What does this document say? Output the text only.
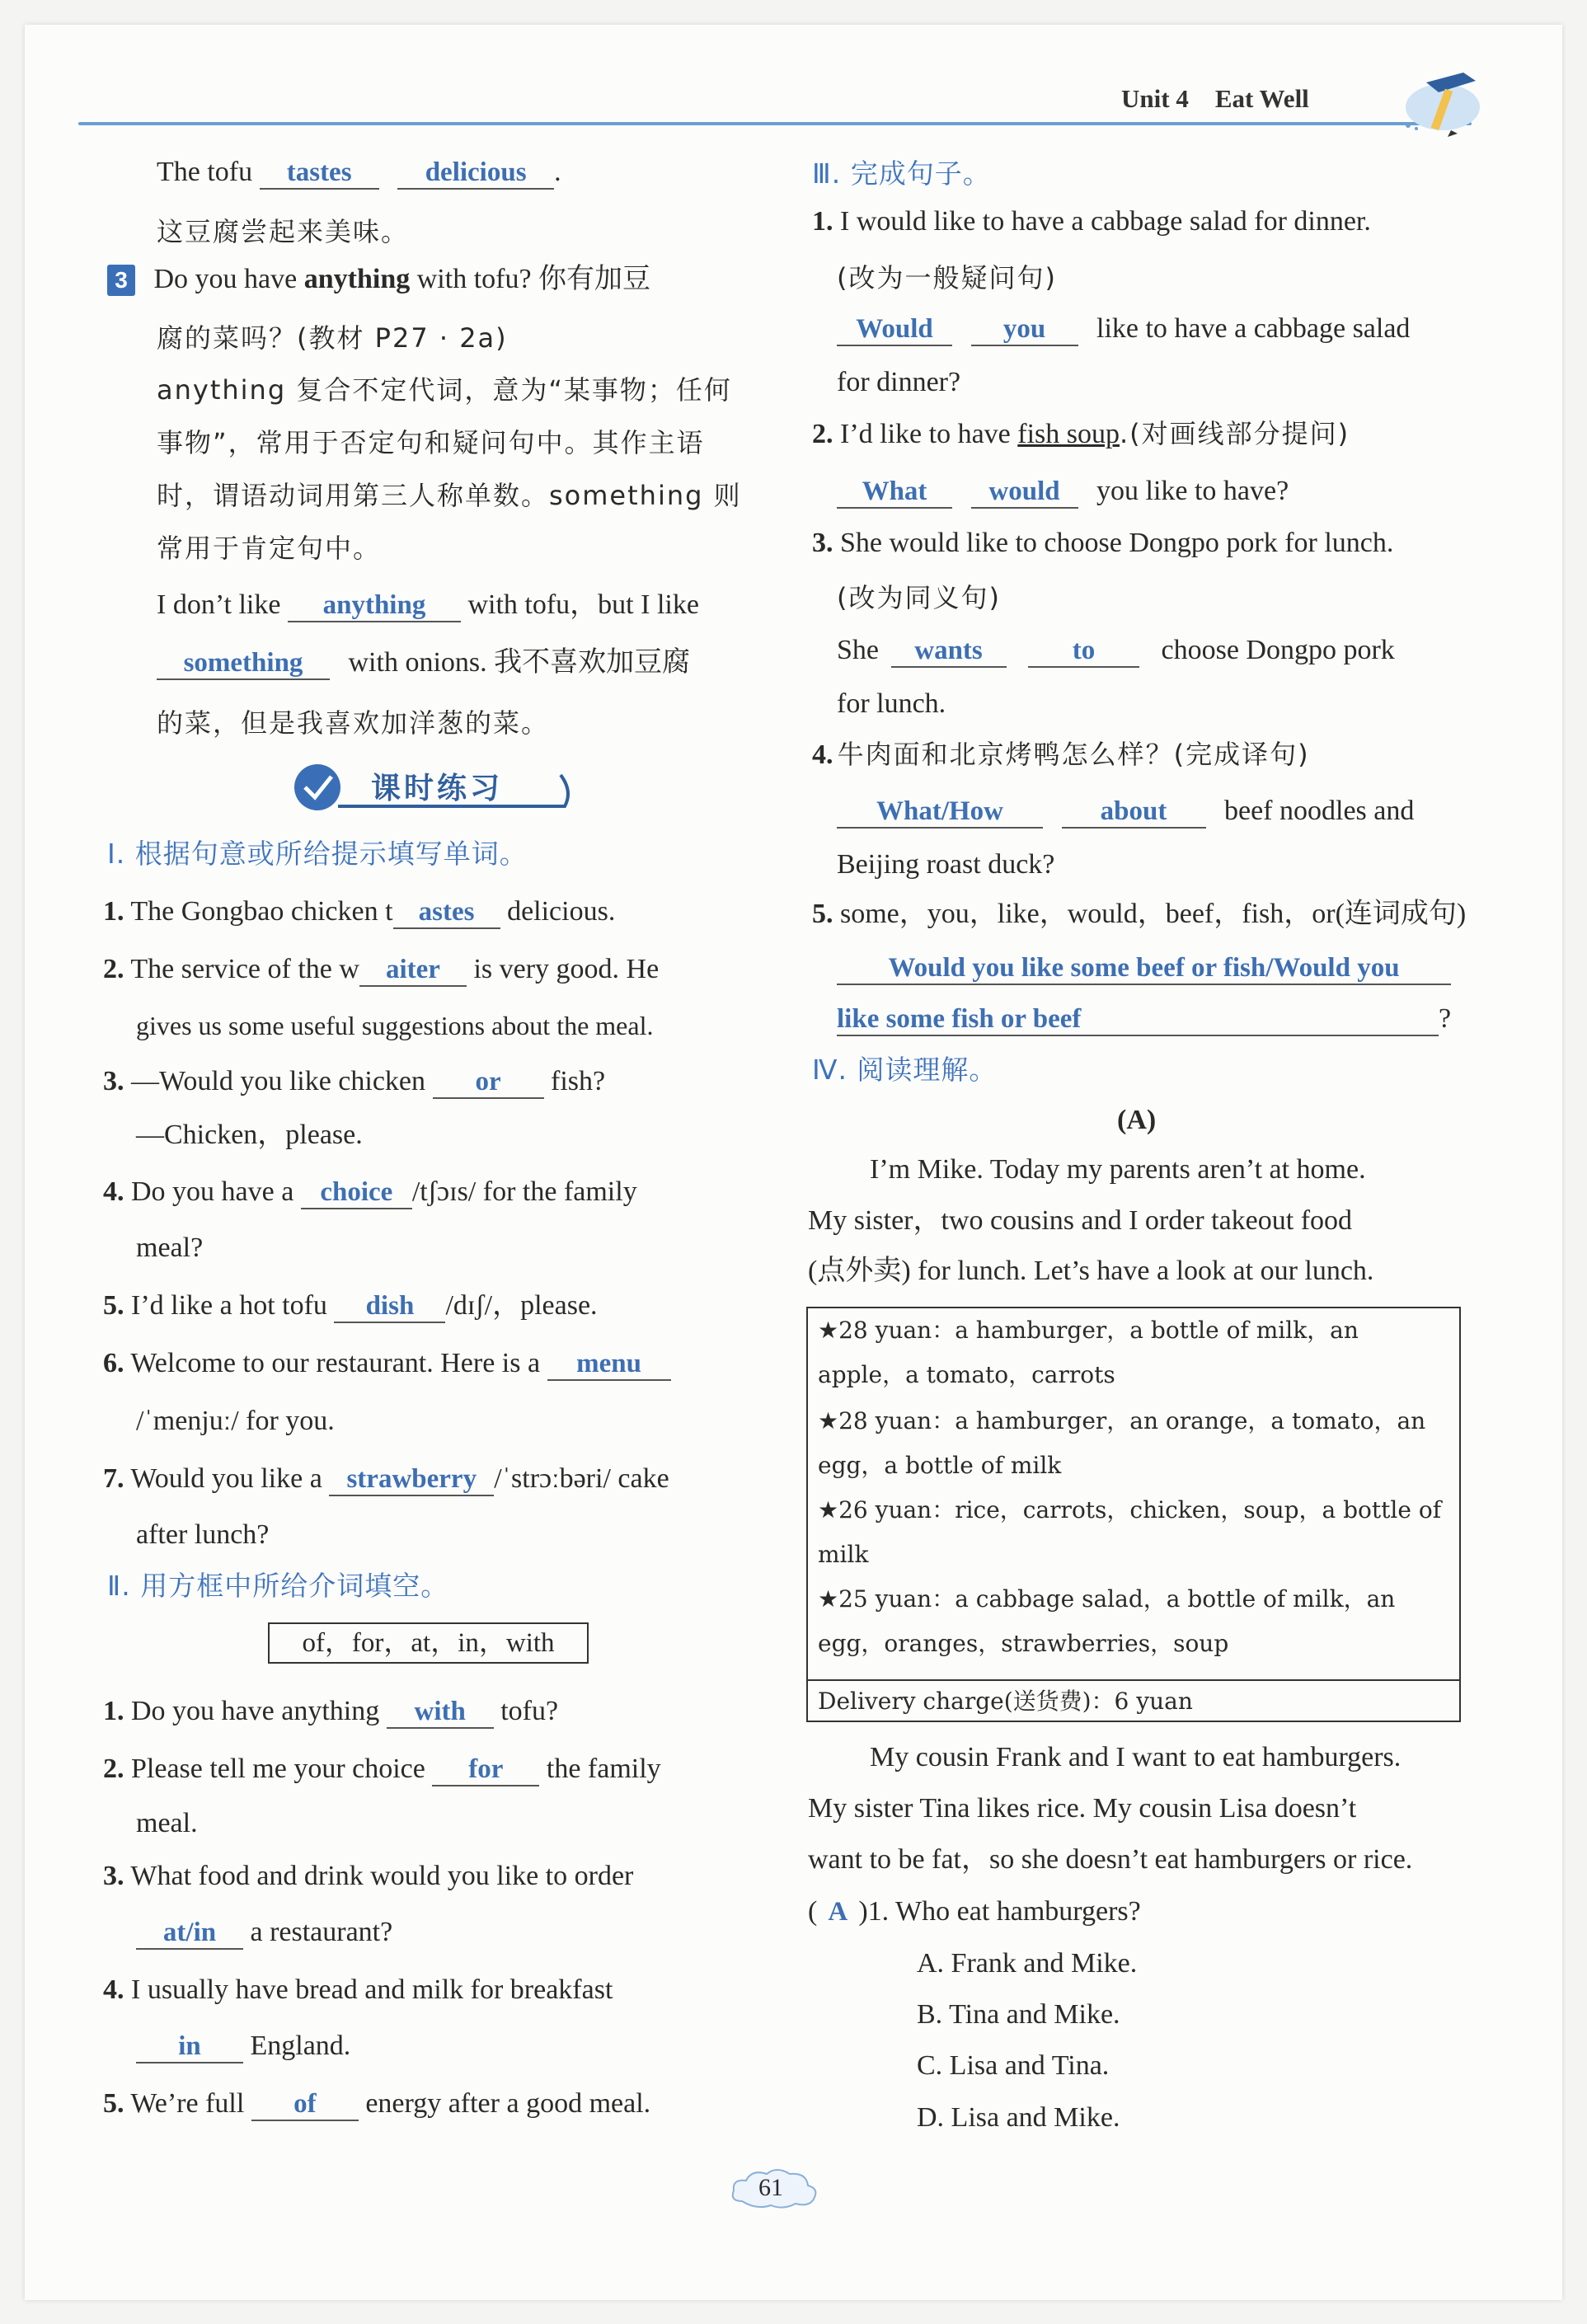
Unit 4 Eat Well
The tofu tastes	delicious .
这豆腐尝起来美味。
3 Do you have anything with tofu? 你有加豆
腐的菜吗？(教材 P27 · 2a)
anything 复合不定代词，意为“某事物；任何
事物”，常用于否定句和疑问句中。其作主语
时，谓语动词用第三人称单数。something 则
常用于肯定句中。
I don’t like anything with tofu，but I like
something with onions. 我不喜欢加豆腐
的菜，但是我喜欢加洋葱的菜。
课时练习
Ⅰ. 根据句意或所给提示填写单词。
1. The Gongbao chicken t astes delicious.
2. The service of the w aiter is very good. He
gives us some useful suggestions about the meal.
3. —Would you like chicken or fish?
—Chicken，please.
4. Do you have a choice /tʃɔɪs/ for the family
meal?
5. I’d like a hot tofu dish /dɪʃ/，please.
6. Welcome to our restaurant. Here is a menu
/ˈmenjuː/ for you.
7. Would you like a strawberry /ˈstrɔːbəri/ cake
after lunch?
Ⅱ. 用方框中所给介词填空。
of，for，at，in，with
1. Do you have anything with tofu?
2. Please tell me your choice for the family
meal.
3. What food and drink would you like to order
at/in a restaurant?
4. I usually have bread and milk for breakfast
in England.
5. We’re full of energy after a good meal.
Ⅲ. 完成句子。
1. I would like to have a cabbage salad for dinner.
(改为一般疑问句)
Would	you like to have a cabbage salad
for dinner?
2. I’d like to have fish soup.(对画线部分提问)
What would you like to have?
3. She would like to choose Dongpo pork for lunch.
(改为同义句)
She wants	to choose Dongpo pork
for lunch.
4. 牛肉面和北京烤鸭怎么样？(完成译句)
What/How	about beef noodles and
Beijing roast duck?
5. some，you，like，would，beef，fish，or(连词成句)
Would you like some beef or fish/Would you
like some fish or beef	?
Ⅳ. 阅读理解。
(A)
I’m Mike. Today my parents aren’t at home.
My sister，two cousins and I order takeout food
(点外卖) for lunch. Let’s have a look at our lunch.
★28 yuan：a hamburger，a bottle of milk，an apple，a tomato，carrots
★28 yuan：a hamburger，an orange，a tomato，an egg，a bottle of milk
★26 yuan：rice，carrots，chicken，soup，a bottle of milk
★25 yuan：a cabbage salad，a bottle of milk，an egg，oranges，strawberries，soup
Delivery charge(送货费)：6 yuan
My cousin Frank and I want to eat hamburgers.
My sister Tina likes rice. My cousin Lisa doesn’t
want to be fat，so she doesn’t eat hamburgers or rice.
( A )1. Who eat hamburgers?
A. Frank and Mike.
B. Tina and Mike.
C. Lisa and Tina.
D. Lisa and Mike.
61
